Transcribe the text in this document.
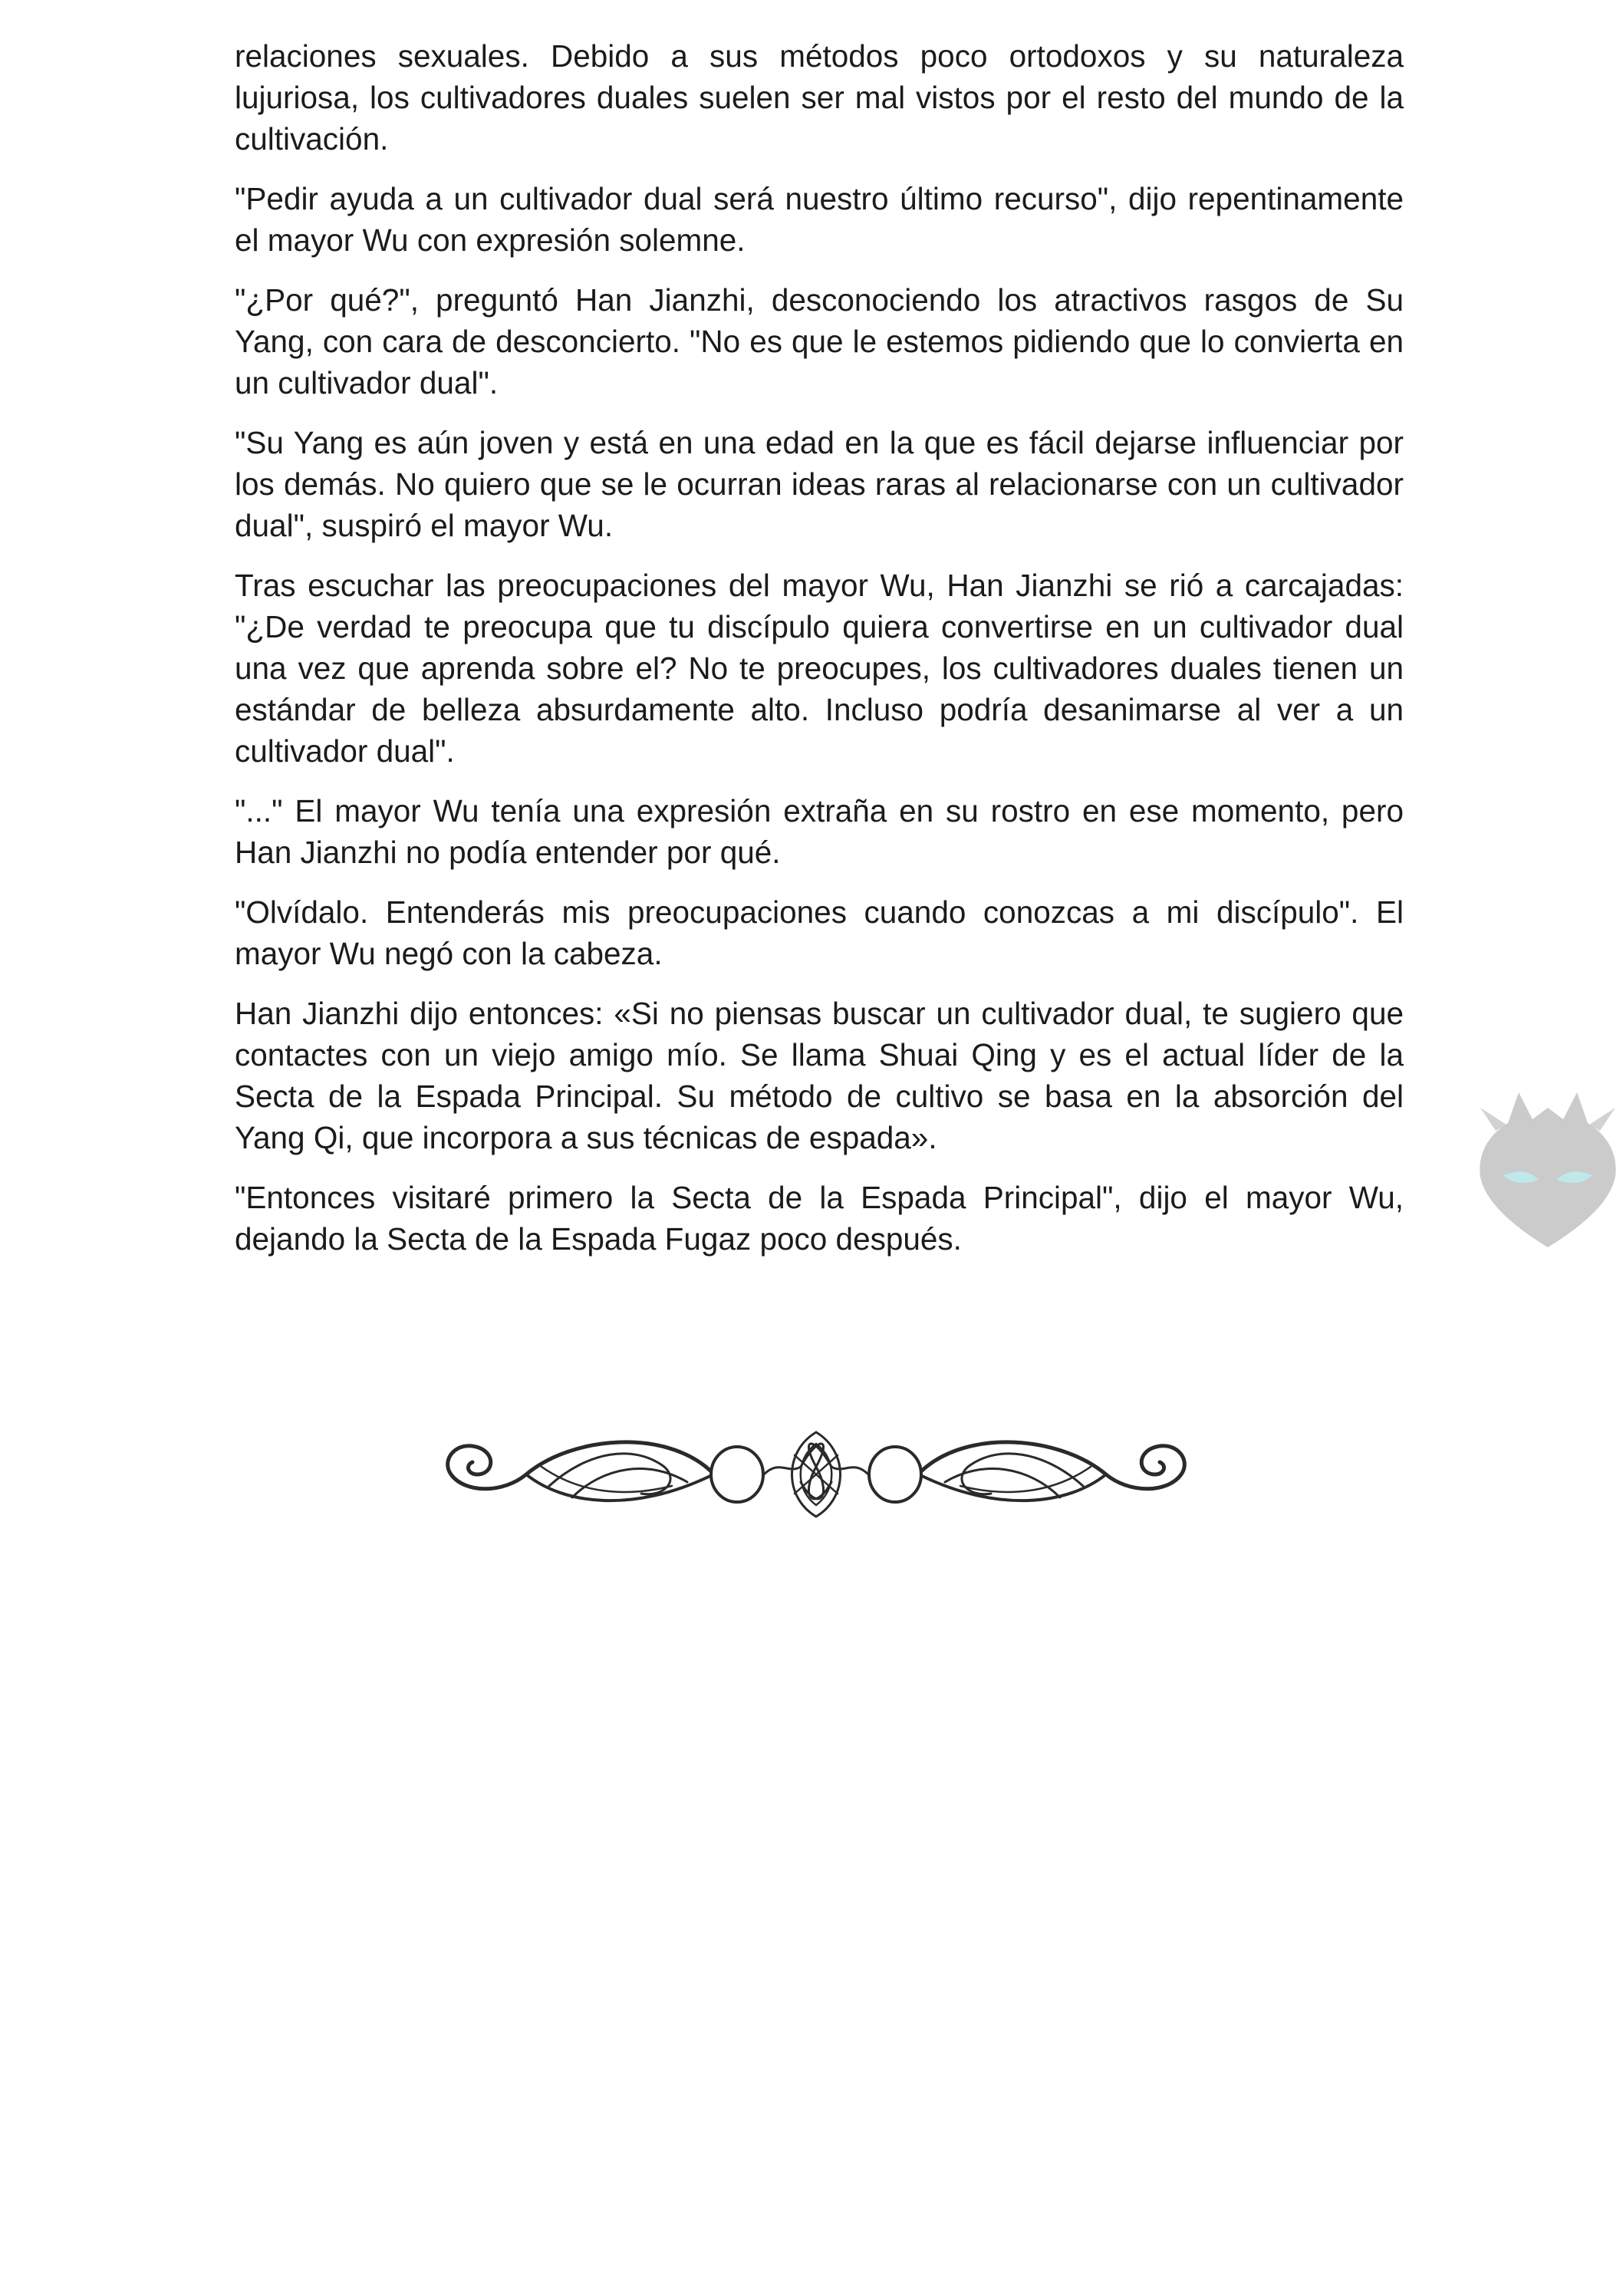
relaciones sexuales. Debido a sus métodos poco ortodoxos y su naturaleza lujuriosa, los cultivadores duales suelen ser mal vistos por el resto del mundo de la cultivación.

"Pedir ayuda a un cultivador dual será nuestro último recurso", dijo repentinamente el mayor Wu con expresión solemne.

"¿Por qué?", preguntó Han Jianzhi, desconociendo los atractivos rasgos de Su Yang, con cara de desconcierto. "No es que le estemos pidiendo que lo convierta en un cultivador dual".

"Su Yang es aún joven y está en una edad en la que es fácil dejarse influenciar por los demás. No quiero que se le ocurran ideas raras al relacionarse con un cultivador dual", suspiró el mayor Wu.

Tras escuchar las preocupaciones del mayor Wu, Han Jianzhi se rió a carcajadas: "¿De verdad te preocupa que tu discípulo quiera convertirse en un cultivador dual una vez que aprenda sobre el? No te preocupes, los cultivadores duales tienen un estándar de belleza absurdamente alto. Incluso podría desanimarse al ver a un cultivador dual".

"..." El mayor Wu tenía una expresión extraña en su rostro en ese momento, pero Han Jianzhi no podía entender por qué.

"Olvídalo. Entenderás mis preocupaciones cuando conozcas a mi discípulo". El mayor Wu negó con la cabeza.

Han Jianzhi dijo entonces: «Si no piensas buscar un cultivador dual, te sugiero que contactes con un viejo amigo mío. Se llama Shuai Qing y es el actual líder de la Secta de la Espada Principal. Su método de cultivo se basa en la absorción del Yang Qi, que incorpora a sus técnicas de espada».

"Entonces visitaré primero la Secta de la Espada Principal", dijo el mayor Wu, dejando la Secta de la Espada Fugaz poco después.
